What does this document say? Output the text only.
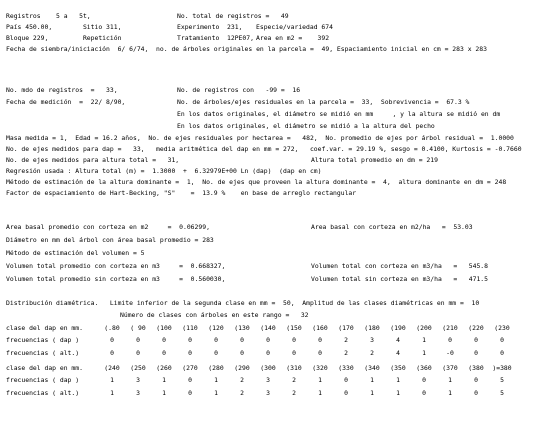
Registros    5 a   5t,	No. total de registros =   49
País 450.00,        Sitio 311,	Experimento  231, Especie/variedad 674
Bloque 229,         Repetición	Tratamiento  12PE07, Area en m2 =    392
Fecha de siembra/iniciación  6/ 6/74,  no. de árboles originales en la parcela =  49, Espaciamiento inicial en cm = 283 x 283
No. mdo de registros  =   33,	No. de registros con   -99 =  16
Fecha de medición  =  22/ 8/90,	No. de árboles/ejes residuales en la parcela =  33,  Sobrevivencia =  67.3 %
En los datos originales, el diámetro se midió en mm     , y la altura se midió en dm
En los datos originales, el diámetro se midió a la altura del pecho
Masa medida = 1,  Edad = 16.2 años,  No. de ejes residuales por hectarea =   482,  No. promedio de ejes por árbol residual =  1.0000
No. de ejes medidos para dap =   33,   media aritmética del dap en mm = 272,   coef.var. = 29.19 %, sesgo = 0.4100, Kurtosis = -0.7660
No. de ejes medidos para altura total =   31,	Altura total promedio en dm = 219
Regresión usada : Altura total (m) =  1.3000  +  6.32979E+00 Ln (dap)  (dap en cm)
Método de estimación de la altura dominante =  1,  No. de ejes que proveen la altura dominante =  4,  altura dominante en dm = 248
Factor de espaciamiento de Hart-Becking, "S"    =  13.9 %    en base de arreglo rectangular
Area basal promedio con corteza en m2     =  0.06299,	Area basal con corteza en m2/ha   =  53.03
Diámetro en mm del árbol con área basal promedio = 283
Método de estimación del volumen = 5
Volumen total promedio con corteza en m3     =  0.668327,	Volumen total con corteza en m3/ha   =   545.8
Volumen total promedio sin corteza en m3     =  0.560030,	Volumen total sin corteza en m3/ha   =   471.5
Distribución diamétrica.   Limite inferior de la segunda clase en mm =  50,  Amplitud de las clases diamétricas en mm =  10
Número de clases con árboles en este rango =   32
clase del dap en mm.	(.80	( 90	(100	(110	(120	(130	(140	(150	(160	(170	(180	(190	(200	(210	(220	(230
frecuencias ( dap )	0	0	0	0	0	0	0	0	0	2	3	4	1	0	0	0
frecuencias ( alt.)	0	0	0	0	0	0	0	0	0	2	2	4	1	-0	0	0
clase del dap en mm.	(240	(250	(260	(270	(280	(290	(300	(310	(320	(330	(340	(350	(360	(370	(380	)=380
frecuencias ( dap )	1	3	1	0	1	2	3	2	1	0	1	1	0	1	0	5
frecuencias ( alt.)	1	3	1	0	1	2	3	2	1	0	1	1	0	1	0	5
